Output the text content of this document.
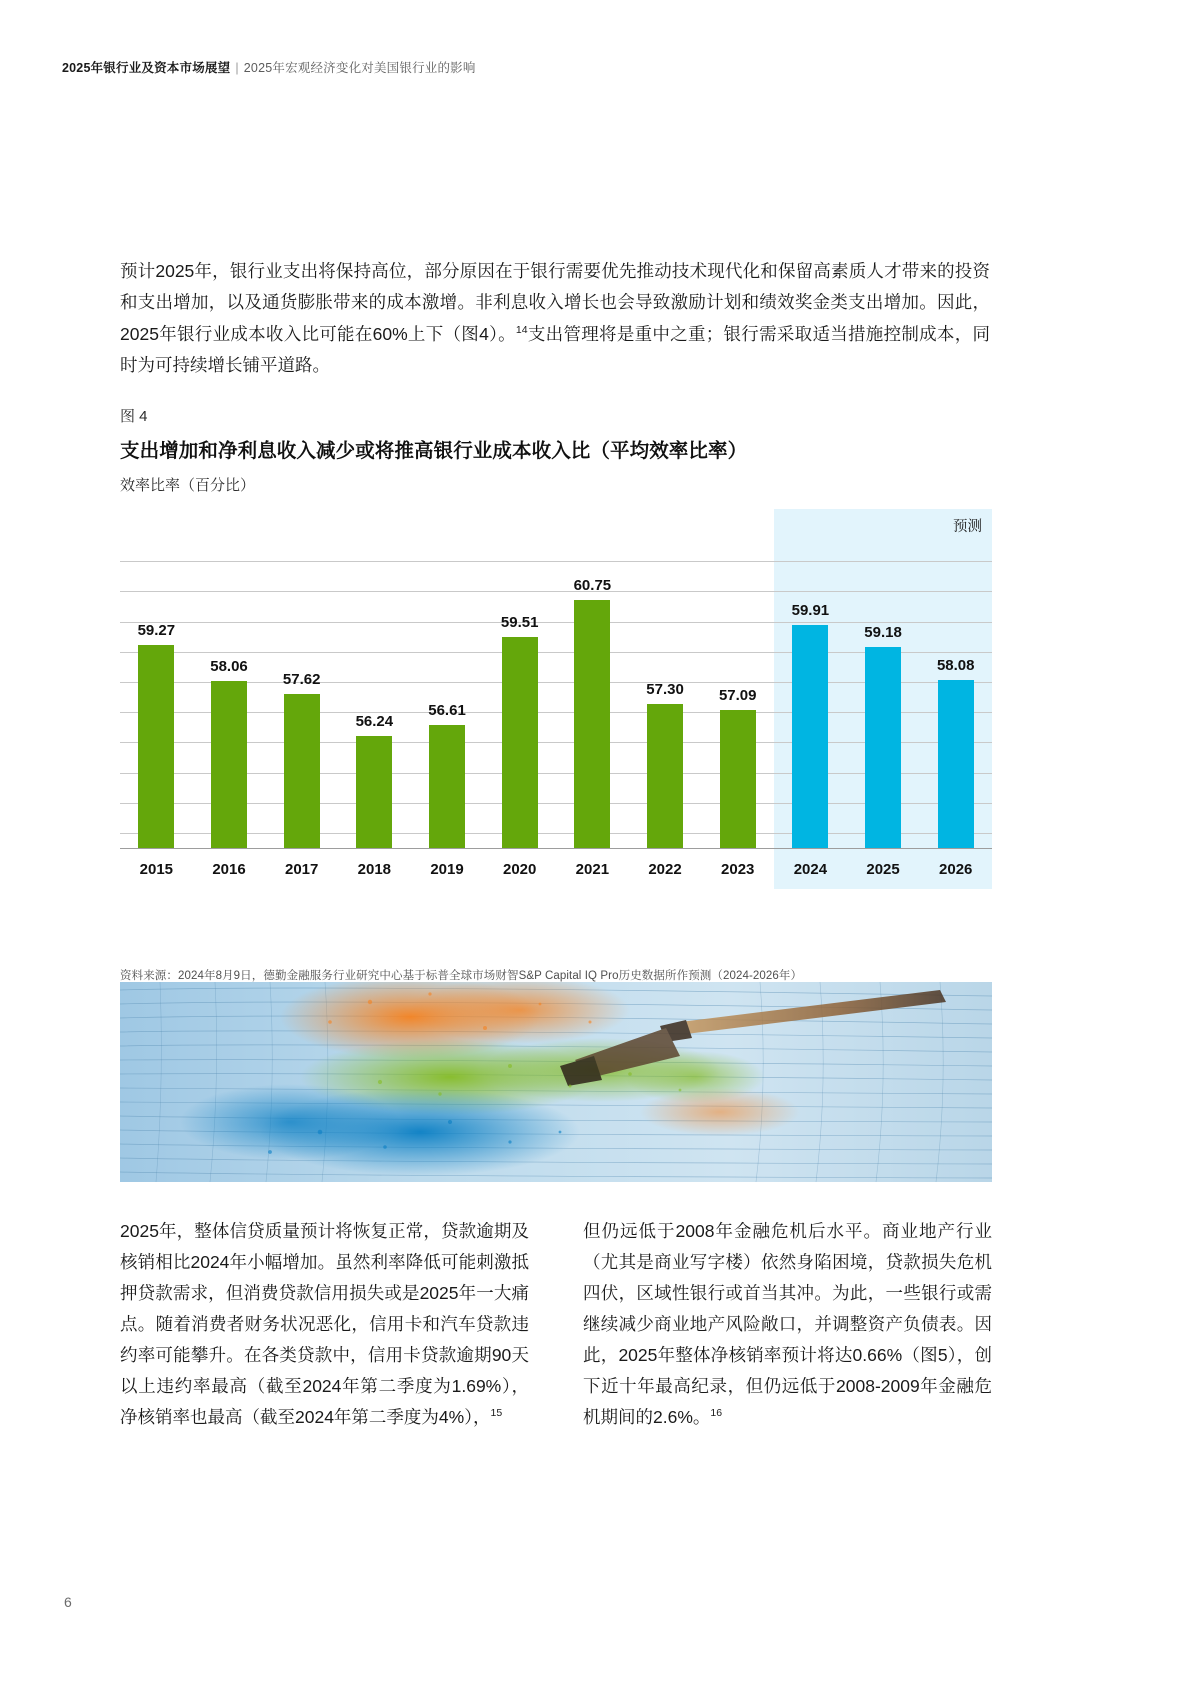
2025年银行业及资本市场展望 | 2025年宏观经济变化对美国银行业的影响

预计2025年，银行业支出将保持高位，部分原因在于银行需要优先推动技术现代化和保留高素质人才带来的投资和支出增加，以及通货膨胀带来的成本激增。非利息收入增长也会导致激励计划和绩效奖金类支出增加。因此，2025年银行业成本收入比可能在60%上下（图4）。$^{14}$支出管理将是重中之重；银行需采取适当措施控制成本，同时为可持续增长铺平道路。

图 4
支出增加和净利息收入减少或将推高银行业成本收入比（平均效率比率）
效率比率（百分比）
预测
59.27
58.06
57.62
56.24
56.61
59.51
60.75
57.30	57.09
59.91
59.18
58.08
2015	2016	2017	2018	2019	2020	2021	2022	2023	2024	2025	2026
资料来源：2024年8月9日，德勤金融服务行业研究中心基于标普全球市场财智S&P Capital IQ Pro历史数据所作预测（2024-2026年）
2025年，整体信贷质量预计将恢复正常，贷款逾期及核销相比2024年小幅增加。虽然利率降低可能刺激抵押贷款需求，但消费贷款信用损失或是2025年一大痛点。随着消费者财务状况恶化，信用卡和汽车贷款违约率可能攀升。在各类贷款中，信用卡贷款逾期90天以上违约率最高（截至2024年第二季度为1.69%），净核销率也最高（截至2024年第二季度为4%），$^{15}$
但仍远低于2008年金融危机后水平。商业地产行业（尤其是商业写字楼）依然身陷困境，贷款损失危机四伏，区域性银行或首当其冲。为此，一些银行或需继续减少商业地产风险敞口，并调整资产负债表。因此，2025年整体净核销率预计将达0.66%（图5），创下近十年最高纪录，但仍远低于2008-2009年金融危机期间的2.6%。$^{16}$
6
